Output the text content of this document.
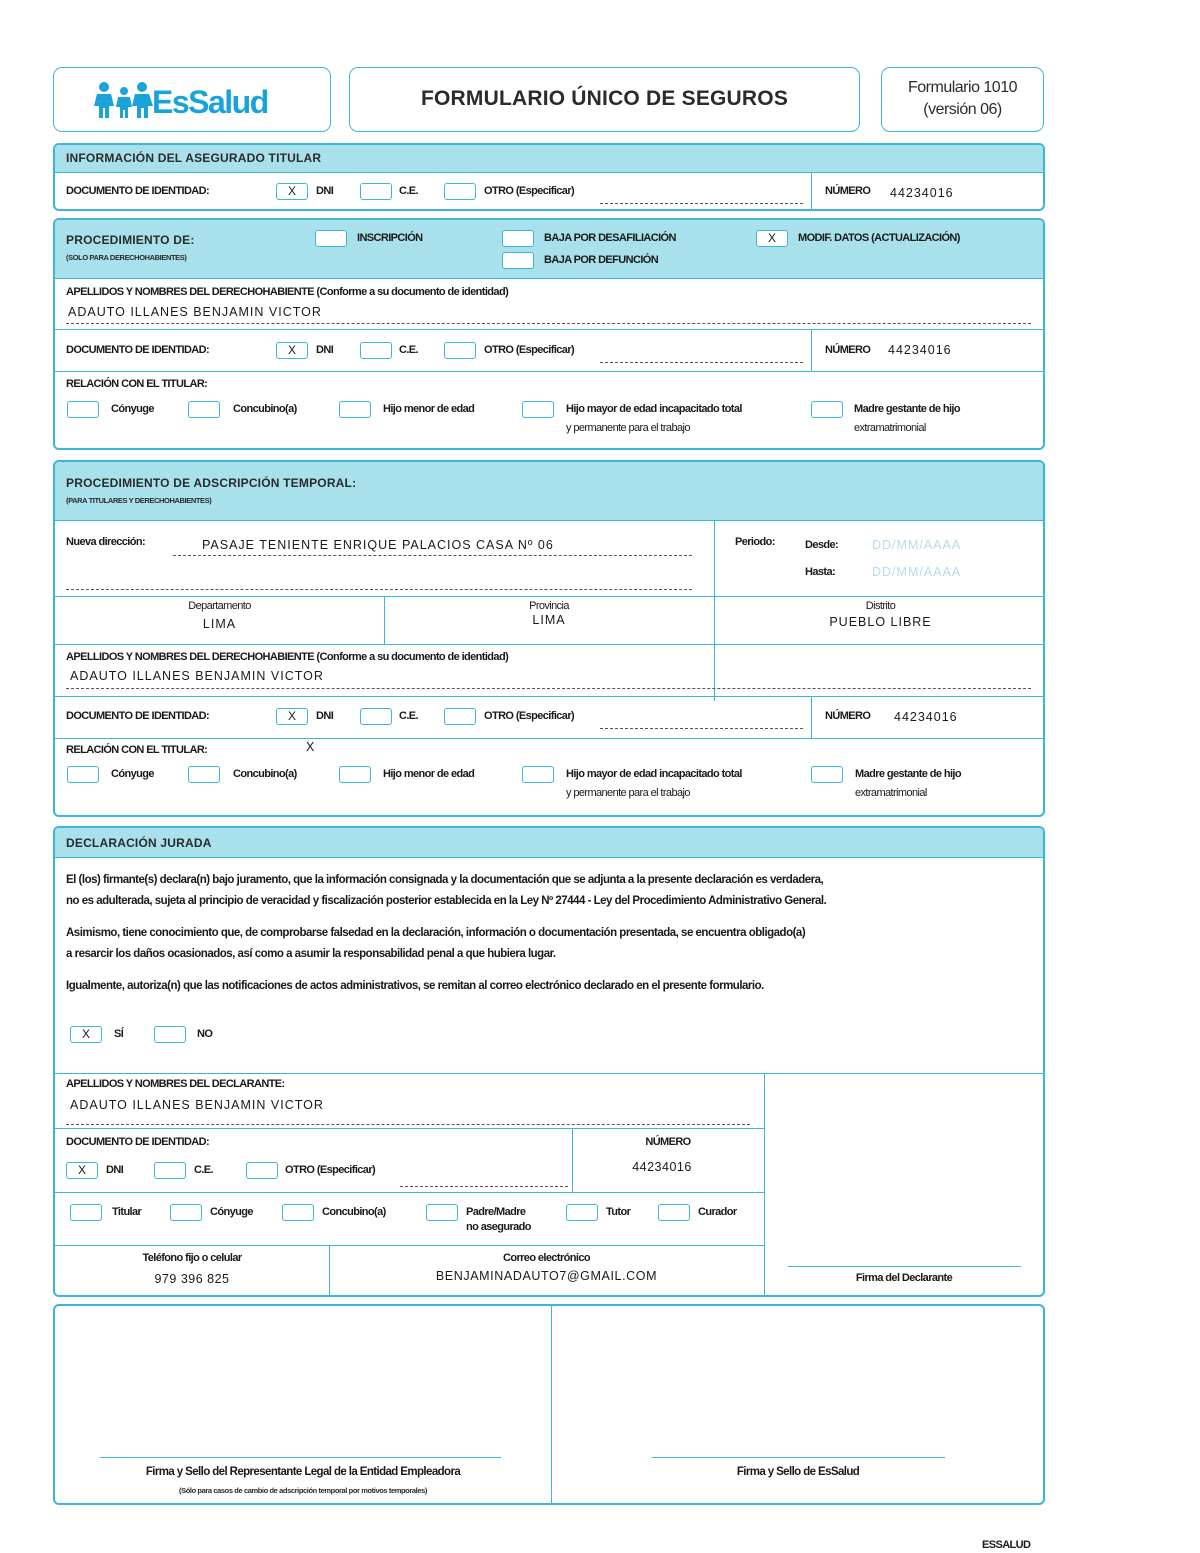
EsSalud	FORMULARIO ÚNICO DE SEGUROS	Formulario 1010
(versión 06)
INFORMACIÓN DEL ASEGURADO TITULAR
DOCUMENTO DE IDENTIDAD:	X	DNI	C.E.	OTRO (Especificar)	NÚMERO 44234016
PROCEDIMIENTO DE:
(SOLO PARA DERECHOHABIENTES)
INSCRIPCIÓN	BAJA POR DESAFILIACIÓN
BAJA POR DEFUNCIÓN
X	MODIF. DATOS (ACTUALIZACIÓN)
APELLIDOS Y NOMBRES DEL DERECHOHABIENTE (Conforme a su documento de identidad)
ADAUTO ILLANES BENJAMIN VICTOR
DOCUMENTO DE IDENTIDAD:	X	DNI	C.E.	OTRO (Especificar)	NÚMERO 44234016
RELACIÓN CON EL TITULAR:
Cónyuge	Concubino(a)	Hijo menor de edad	Hijo mayor de edad incapacitado total
y permanente para el trabajo
Madre gestante de hijo
extramatrimonial
PROCEDIMIENTO DE ADSCRIPCIÓN TEMPORAL:
(PARA TITULARES Y DERECHOHABIENTES)
Nueva dirección:	PASAJE TENIENTE ENRIQUE PALACIOS CASA Nº 06	Periodo:	Desde:	DD/MM/AAAA
Hasta:	DD/MM/AAAA
Departamento
LIMA
Provincia
LIMA
Distrito
PUEBLO LIBRE
APELLIDOS Y NOMBRES DEL DERECHOHABIENTE (Conforme a su documento de identidad)
ADAUTO ILLANES BENJAMIN VICTOR
DOCUMENTO DE IDENTIDAD:	X	DNI	C.E.	OTRO (Especificar)	NÚMERO 44234016
RELACIÓN CON EL TITULAR:	X
Cónyuge	Concubino(a)	Hijo menor de edad	Hijo mayor de edad incapacitado total
y permanente para el trabajo
Madre gestante de hijo
extramatrimonial
DECLARACIÓN JURADA
El (los) firmante(s) declara(n) bajo juramento, que la información consignada y la documentación que se adjunta a la presente declaración es verdadera,
no es adulterada, sujeta al principio de veracidad y fiscalización posterior establecida en la Ley Nº 27444 - Ley del Procedimiento Administrativo General.
Asimismo, tiene conocimiento que, de comprobarse falsedad en la declaración, información o documentación presentada, se encuentra obligado(a)
a resarcir los daños ocasionados, así como a asumir la responsabilidad penal a que hubiera lugar.
Igualmente, autoriza(n) que las notificaciones de actos administrativos, se remitan al correo electrónico declarado en el presente formulario.
X	SÍ	NO
APELLIDOS Y NOMBRES DEL DECLARANTE:
ADAUTO ILLANES BENJAMIN VICTOR
DOCUMENTO DE IDENTIDAD:	NÚMERO
44234016
X	DNI	C.E.	OTRO (Especificar)
Titular	Cónyuge	Concubino(a)	Padre/Madre
no asegurado
Tutor	Curador
Teléfono fijo o celular
979 396 825
Correo electrónico
BENJAMINADAUTO7@GMAIL.COM	Firma del Declarante
Firma y Sello del Representante Legal de la Entidad Empleadora
(Sólo para casos de cambio de adscripción temporal por motivos temporales)
Firma y Sello de EsSalud
ESSALUD
